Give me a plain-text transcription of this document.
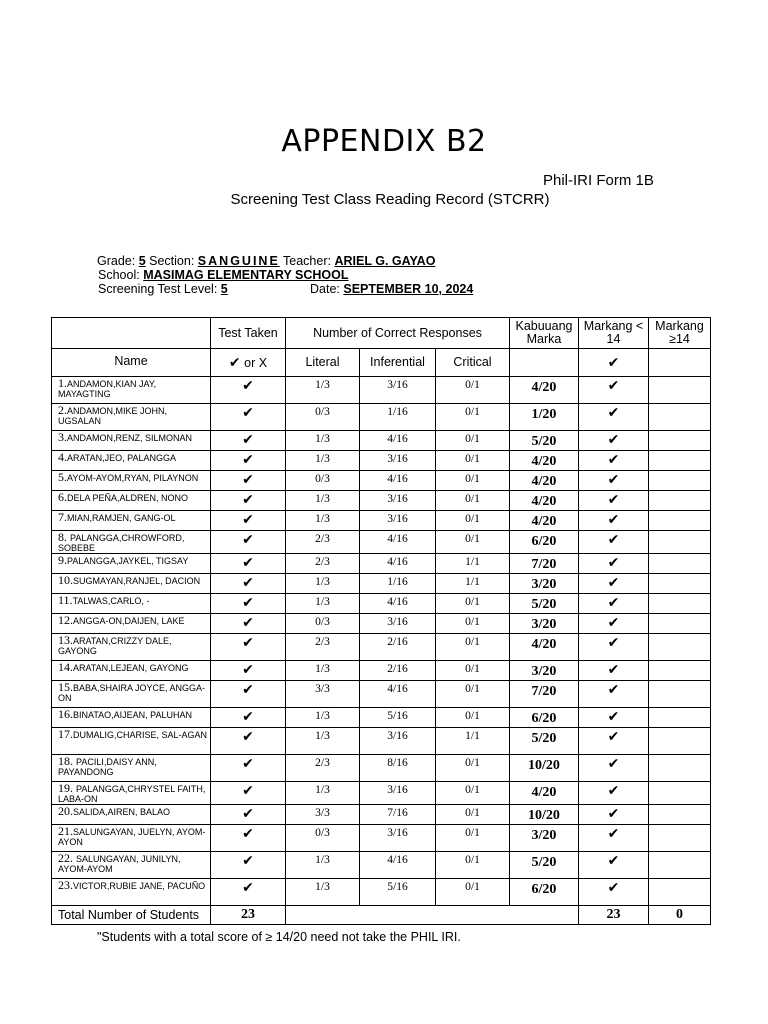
APPENDIX B2
Phil-IRI Form 1B
Screening Test Class Reading Record (STCRR)
Grade: 5 Section: SANGUINE Teacher: ARIEL G. GAYAO
School: MASIMAG ELEMENTARY SCHOOL
Screening Test Level: 5	Date: SEPTEMBER 10, 2024
	Test Taken	Number of Correct Responses			Kabuuang Marka	Markang < 14	Markang ≥14
Name	✔ or X	Literal	Inferential	Critical		✔	
1.ANDAMON,KIAN JAY, MAYAGTING	✔	1/3	3/16	0/1	4/20	✔	
2.ANDAMON,MIKE JOHN, UGSALAN	✔	0/3	1/16	0/1	1/20	✔	
3.ANDAMON,RENZ, SILMONAN	✔	1/3	4/16	0/1	5/20	✔	
4.ARATAN,JEO, PALANGGA	✔	1/3	3/16	0/1	4/20	✔	
5.AYOM-AYOM,RYAN, PILAYNON	✔	0/3	4/16	0/1	4/20	✔	
6.DELA PEÑA,ALDREN, NONO	✔	1/3	3/16	0/1	4/20	✔	
7.MIAN,RAMJEN, GANG-OL	✔	1/3	3/16	0/1	4/20	✔	
8. PALANGGA,CHROWFORD, SOBEBE	✔	2/3	4/16	0/1	6/20	✔	
9.PALANGGA,JAYKEL, TIGSAY	✔	2/3	4/16	1/1	7/20	✔	
10.SUGMAYAN,RANJEL, DACION	✔	1/3	1/16	1/1	3/20	✔	
11.TALWAS,CARLO, -	✔	1/3	4/16	0/1	5/20	✔	
12.ANGGA-ON,DAIJEN, LAKE	✔	0/3	3/16	0/1	3/20	✔	
13.ARATAN,CRIZZY DALE, GAYONG	✔	2/3	2/16	0/1	4/20	✔	
14.ARATAN,LEJEAN, GAYONG	✔	1/3	2/16	0/1	3/20	✔	
15.BABA,SHAIRA JOYCE, ANGGA-ON	✔	3/3	4/16	0/1	7/20	✔	
16.BINATAO,AIJEAN, PALUHAN	✔	1/3	5/16	0/1	6/20	✔	
17.DUMALIG,CHARISE, SAL-AGAN	✔	1/3	3/16	1/1	5/20	✔	
18. PACILI,DAISY ANN, PAYANDONG	✔	2/3	8/16	0/1	10/20	✔	
19. PALANGGA,CHRYSTEL FAITH, LABA-ON	✔	1/3	3/16	0/1	4/20	✔	
20.SALIDA,AIREN, BALAO	✔	3/3	7/16	0/1	10/20	✔	
21.SALUNGAYAN, JUELYN, AYOM-AYON	✔	0/3	3/16	0/1	3/20	✔	
22. SALUNGAYAN, JUNILYN, AYOM-AYOM	✔	1/3	4/16	0/1	5/20	✔	
23.VICTOR,RUBIE JANE, PACUÑO	✔	1/3	5/16	0/1	6/20	✔	
Total Number of Students	23					23	0
"Students with a total score of ≥ 14/20 need not take the PHIL IRI.
